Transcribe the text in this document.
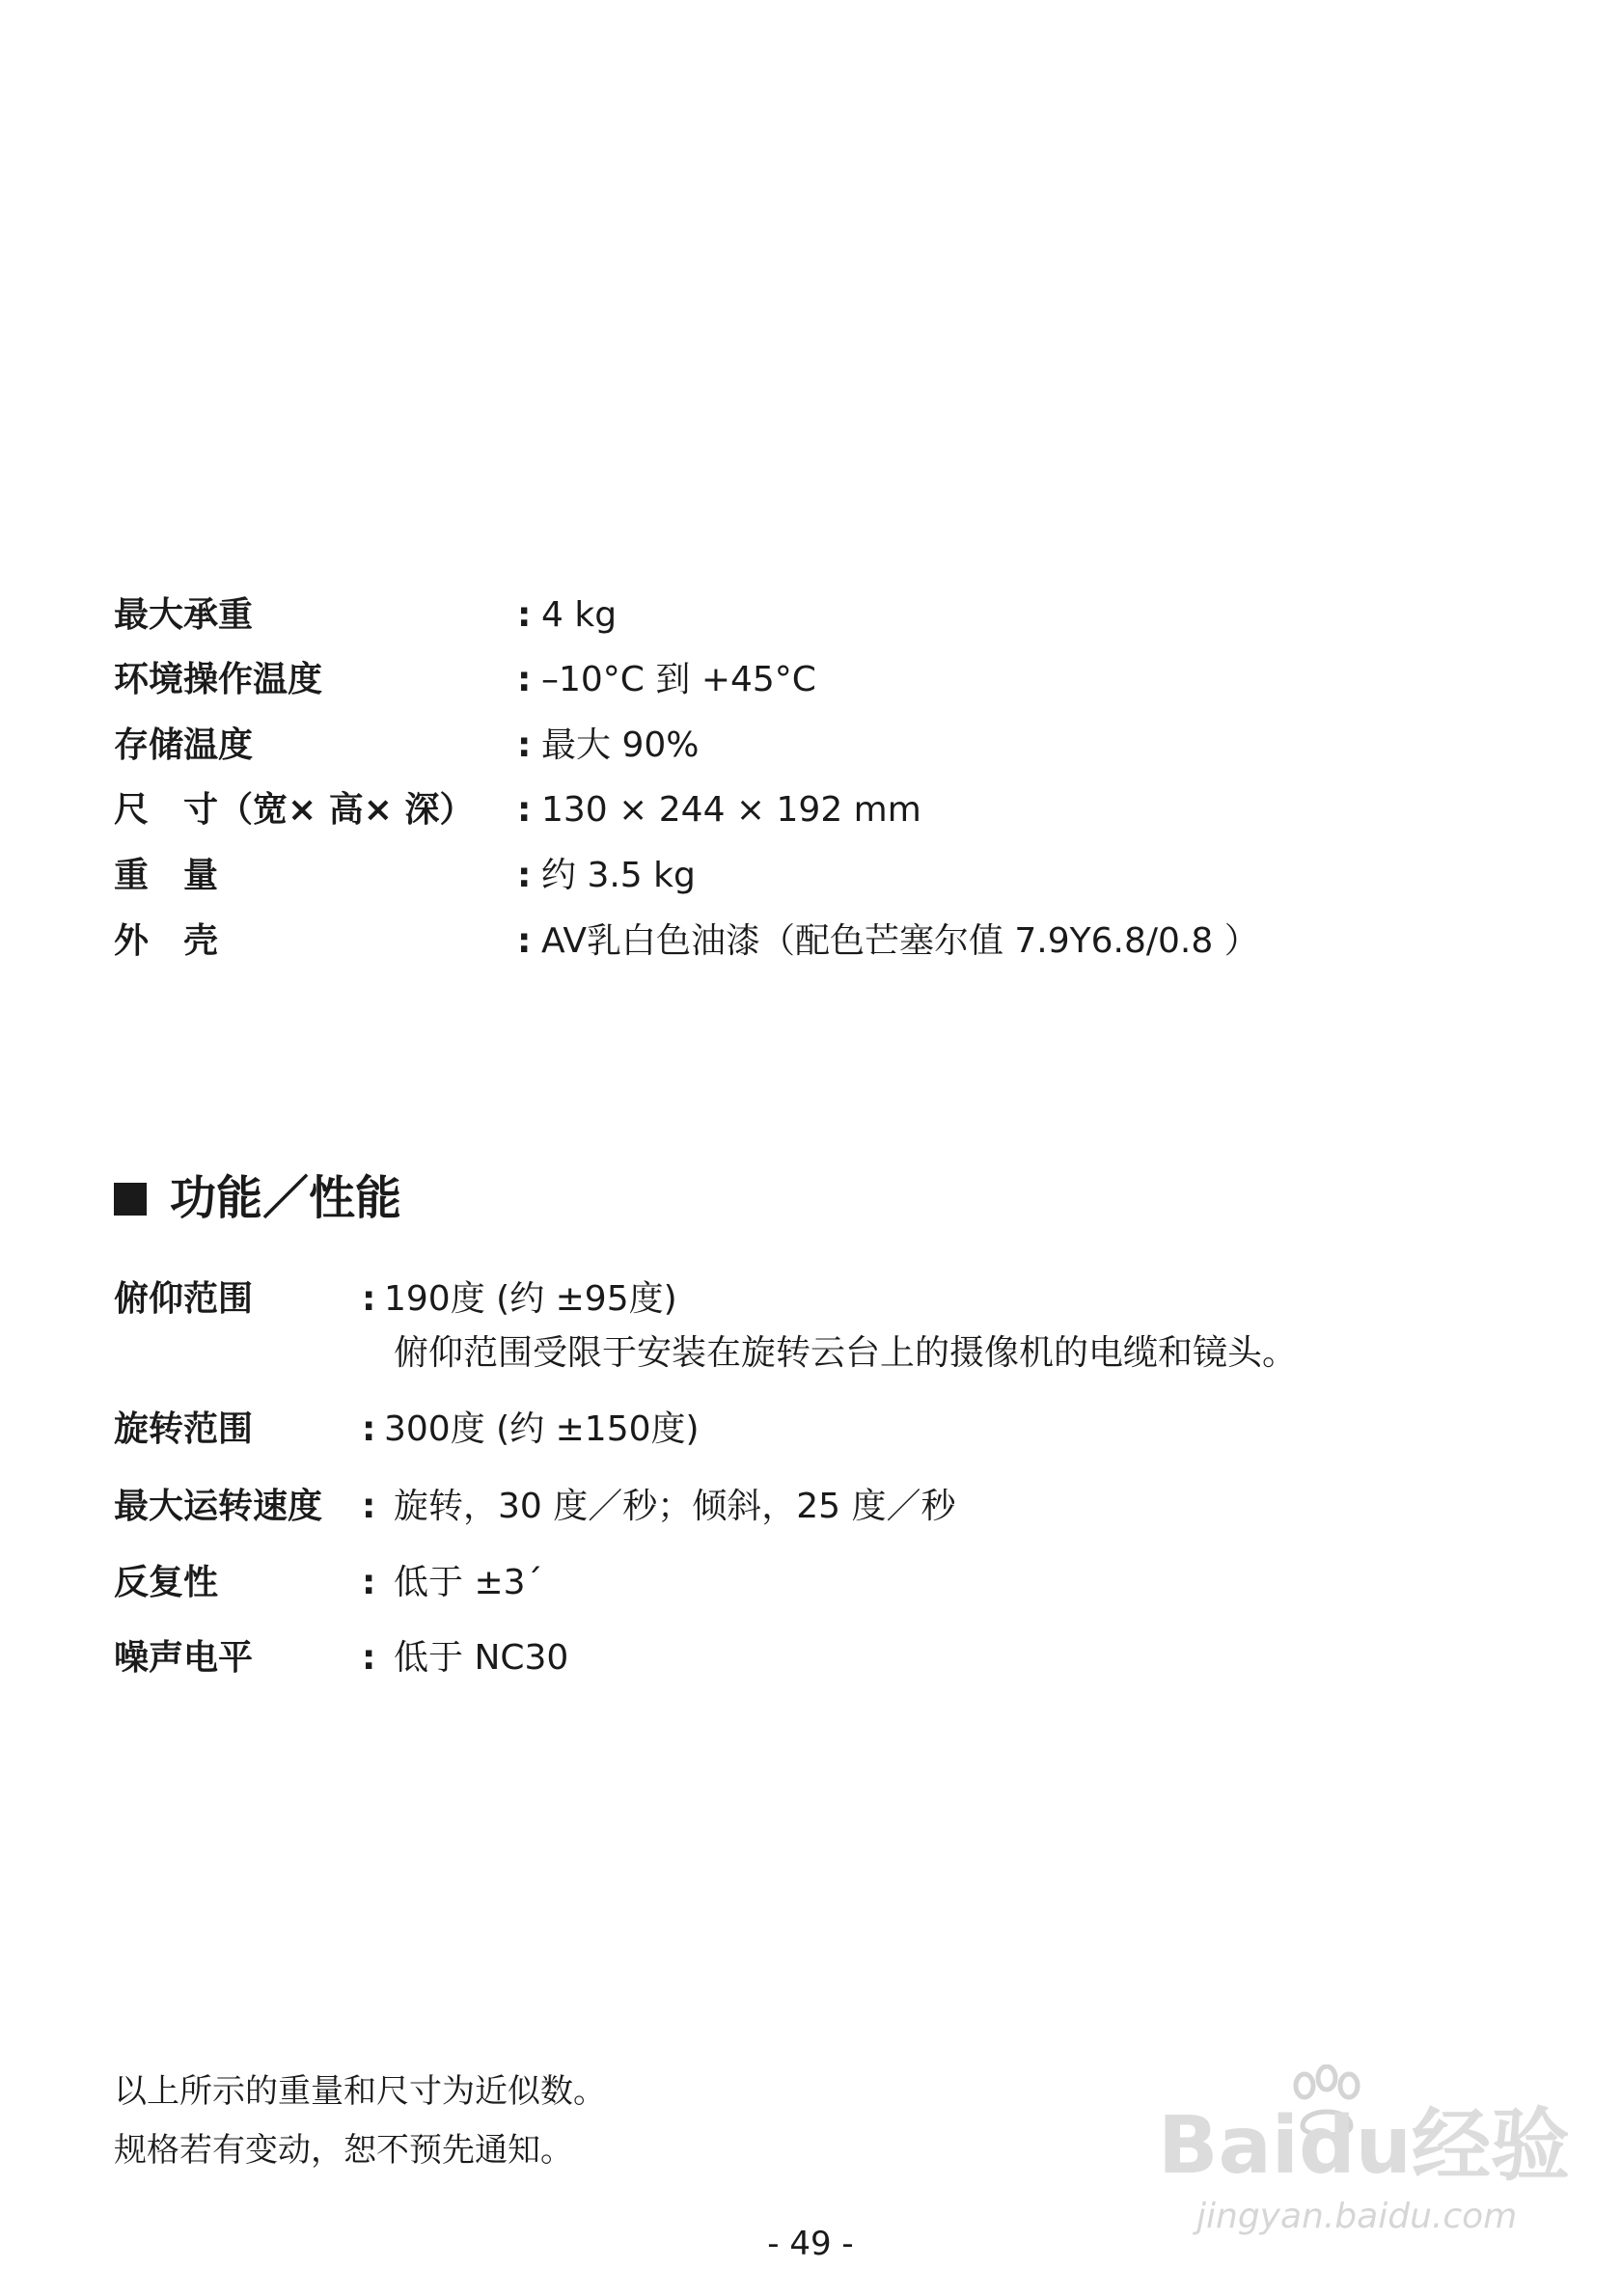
最大承重	: 4 kg
环境操作温度	: –10°C 到 +45°C
存储温度	: 最大 90%
尺　寸（宽× 高× 深） : 130 × 244 × 192 mm
重　量	: 约 3.5 kg
外　壳	: AV乳白色油漆（配色芒塞尔值 7.9Y6.8/0.8 ）
功能／性能
俯仰范围	: 190度 (约 ±95度)
俯仰范围受限于安装在旋转云台上的摄像机的电缆和镜头。
旋转范围	: 300度 (约 ±150度)
最大运转速度 : 旋转，30 度／秒；倾斜，25 度／秒
反复性	: 低于 ±3´
噪声电平	: 低于 NC30
以上所示的重量和尺寸为近似数。
规格若有变动，恕不预先通知。
- 49 -
Baidu经验
jingyan.baidu.com
